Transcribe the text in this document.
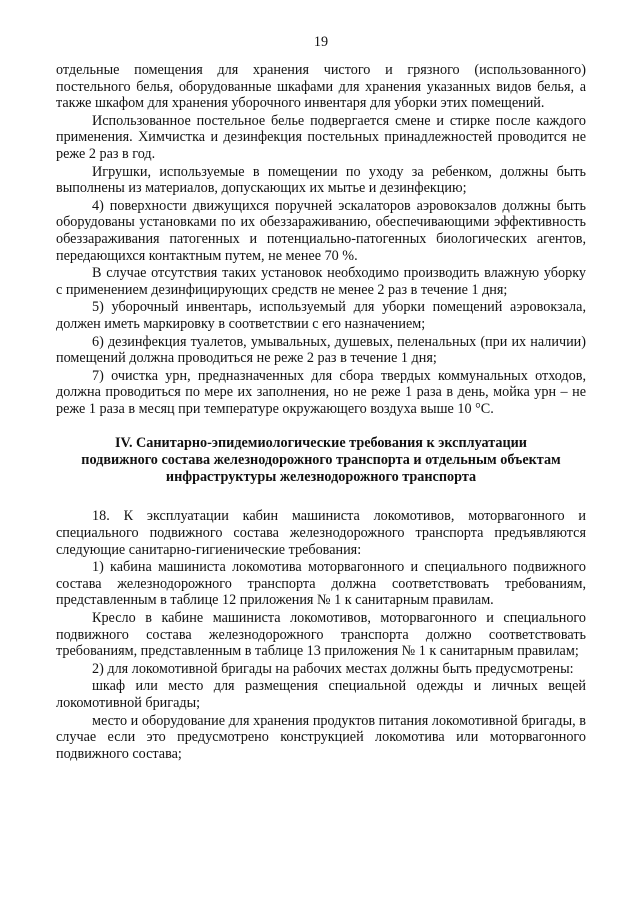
19

отдельные помещения для хранения чистого и грязного (использованного) постельного белья, оборудованные шкафами для хранения указанных видов белья, а также шкафом для хранения уборочного инвентаря для уборки этих помещений.

Использованное постельное белье подвергается смене и стирке после каждого применения. Химчистка и дезинфекция постельных принадлежностей проводится не реже 2 раз в год.

Игрушки, используемые в помещении по уходу за ребенком, должны быть выполнены из материалов, допускающих их мытье и дезинфекцию;

4) поверхности движущихся поручней эскалаторов аэровокзалов должны быть оборудованы установками по их обеззараживанию, обеспечивающими эффективность обеззараживания патогенных и потенциально-патогенных биологических агентов, передающихся контактным путем, не менее 70 %.

В случае отсутствия таких установок необходимо производить влажную уборку с применением дезинфицирующих средств не менее 2 раз в течение 1 дня;

5) уборочный инвентарь, используемый для уборки помещений аэровокзала, должен иметь маркировку в соответствии с его назначением;

6) дезинфекция туалетов, умывальных, душевых, пеленальных (при их наличии) помещений должна проводиться не реже 2 раз в течение 1 дня;

7) очистка урн, предназначенных для сбора твердых коммунальных отходов, должна проводиться по мере их заполнения, но не реже 1 раза в день, мойка урн – не реже 1 раза в месяц при температуре окружающего воздуха выше 10 °С.

IV. Санитарно-эпидемиологические требования к эксплуатации подвижного состава железнодорожного транспорта и отдельным объектам инфраструктуры железнодорожного транспорта

18. К эксплуатации кабин машиниста локомотивов, моторвагонного и специального подвижного состава железнодорожного транспорта предъявляются следующие санитарно-гигиенические требования:

1) кабина машиниста локомотива моторвагонного и специального подвижного состава железнодорожного транспорта должна соответствовать требованиям, представленным в таблице 12 приложения № 1 к санитарным правилам.

Кресло в кабине машиниста локомотивов, моторвагонного и специального подвижного состава железнодорожного транспорта должно соответствовать требованиям, представленным в таблице 13 приложения № 1 к санитарным правилам;

2) для локомотивной бригады на рабочих местах должны быть предусмотрены:

шкаф или место для размещения специальной одежды и личных вещей локомотивной бригады;

место и оборудование для хранения продуктов питания локомотивной бригады, в случае если это предусмотрено конструкцией локомотива или моторвагонного подвижного состава;
